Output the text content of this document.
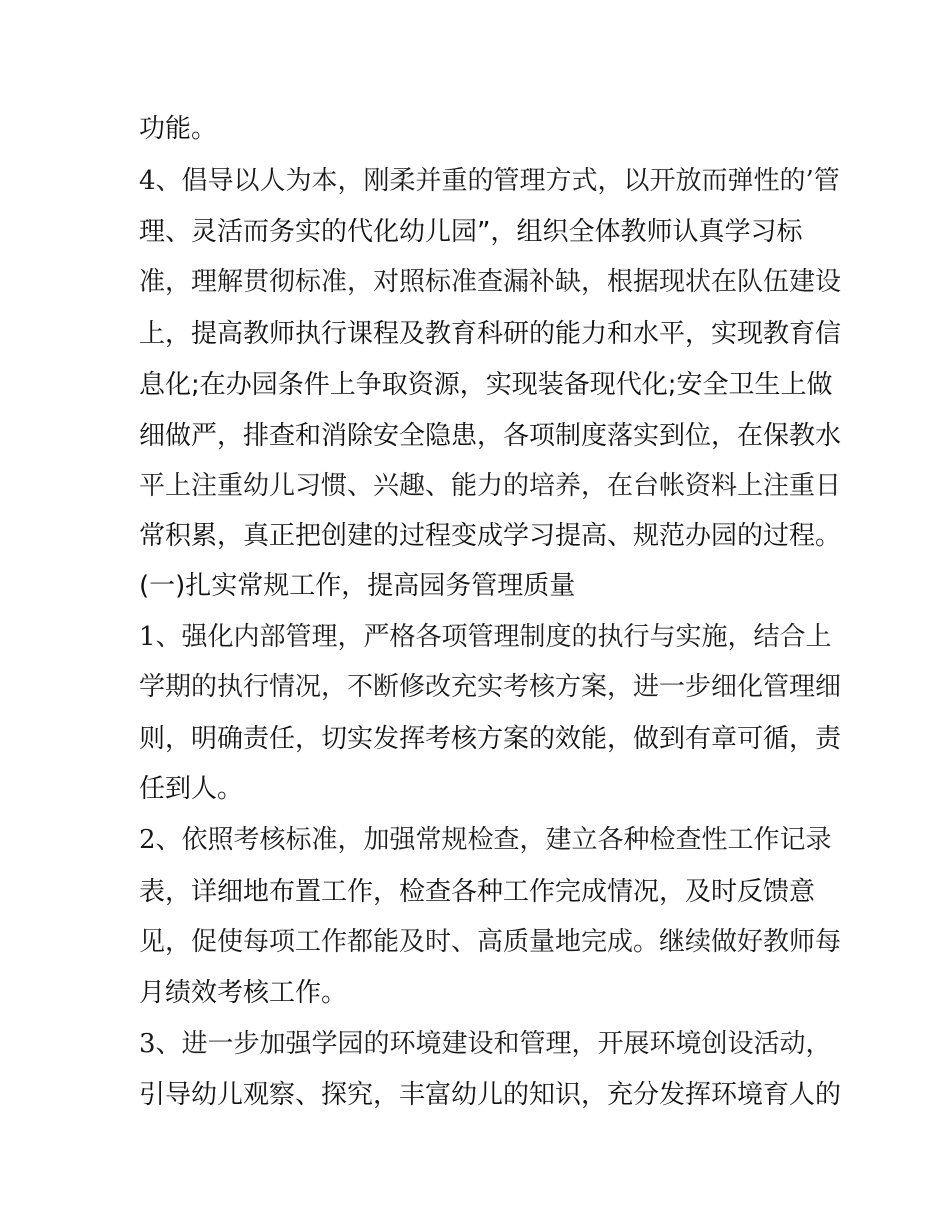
功能。
4、倡导以人为本，刚柔并重的管理方式，以开放而弹性的’管
理、灵活而务实的代化幼儿园”，组织全体教师认真学习标
准，理解贯彻标准，对照标准查漏补缺，根据现状在队伍建设
上，提高教师执行课程及教育科研的能力和水平，实现教育信
息化;在办园条件上争取资源，实现装备现代化;安全卫生上做
细做严，排查和消除安全隐患，各项制度落实到位，在保教水
平上注重幼儿习惯、兴趣、能力的培养，在台帐资料上注重日
常积累，真正把创建的过程变成学习提高、规范办园的过程。
(一)扎实常规工作，提高园务管理质量
1、强化内部管理，严格各项管理制度的执行与实施，结合上
学期的执行情况，不断修改充实考核方案，进一步细化管理细
则，明确责任，切实发挥考核方案的效能，做到有章可循，责
任到人。
2、依照考核标准，加强常规检查，建立各种检查性工作记录
表，详细地布置工作，检查各种工作完成情况，及时反馈意
见，促使每项工作都能及时、高质量地完成。继续做好教师每
月绩效考核工作。
3、进一步加强学园的环境建设和管理，开展环境创设活动，
引导幼儿观察、探究，丰富幼儿的知识，充分发挥环境育人的
